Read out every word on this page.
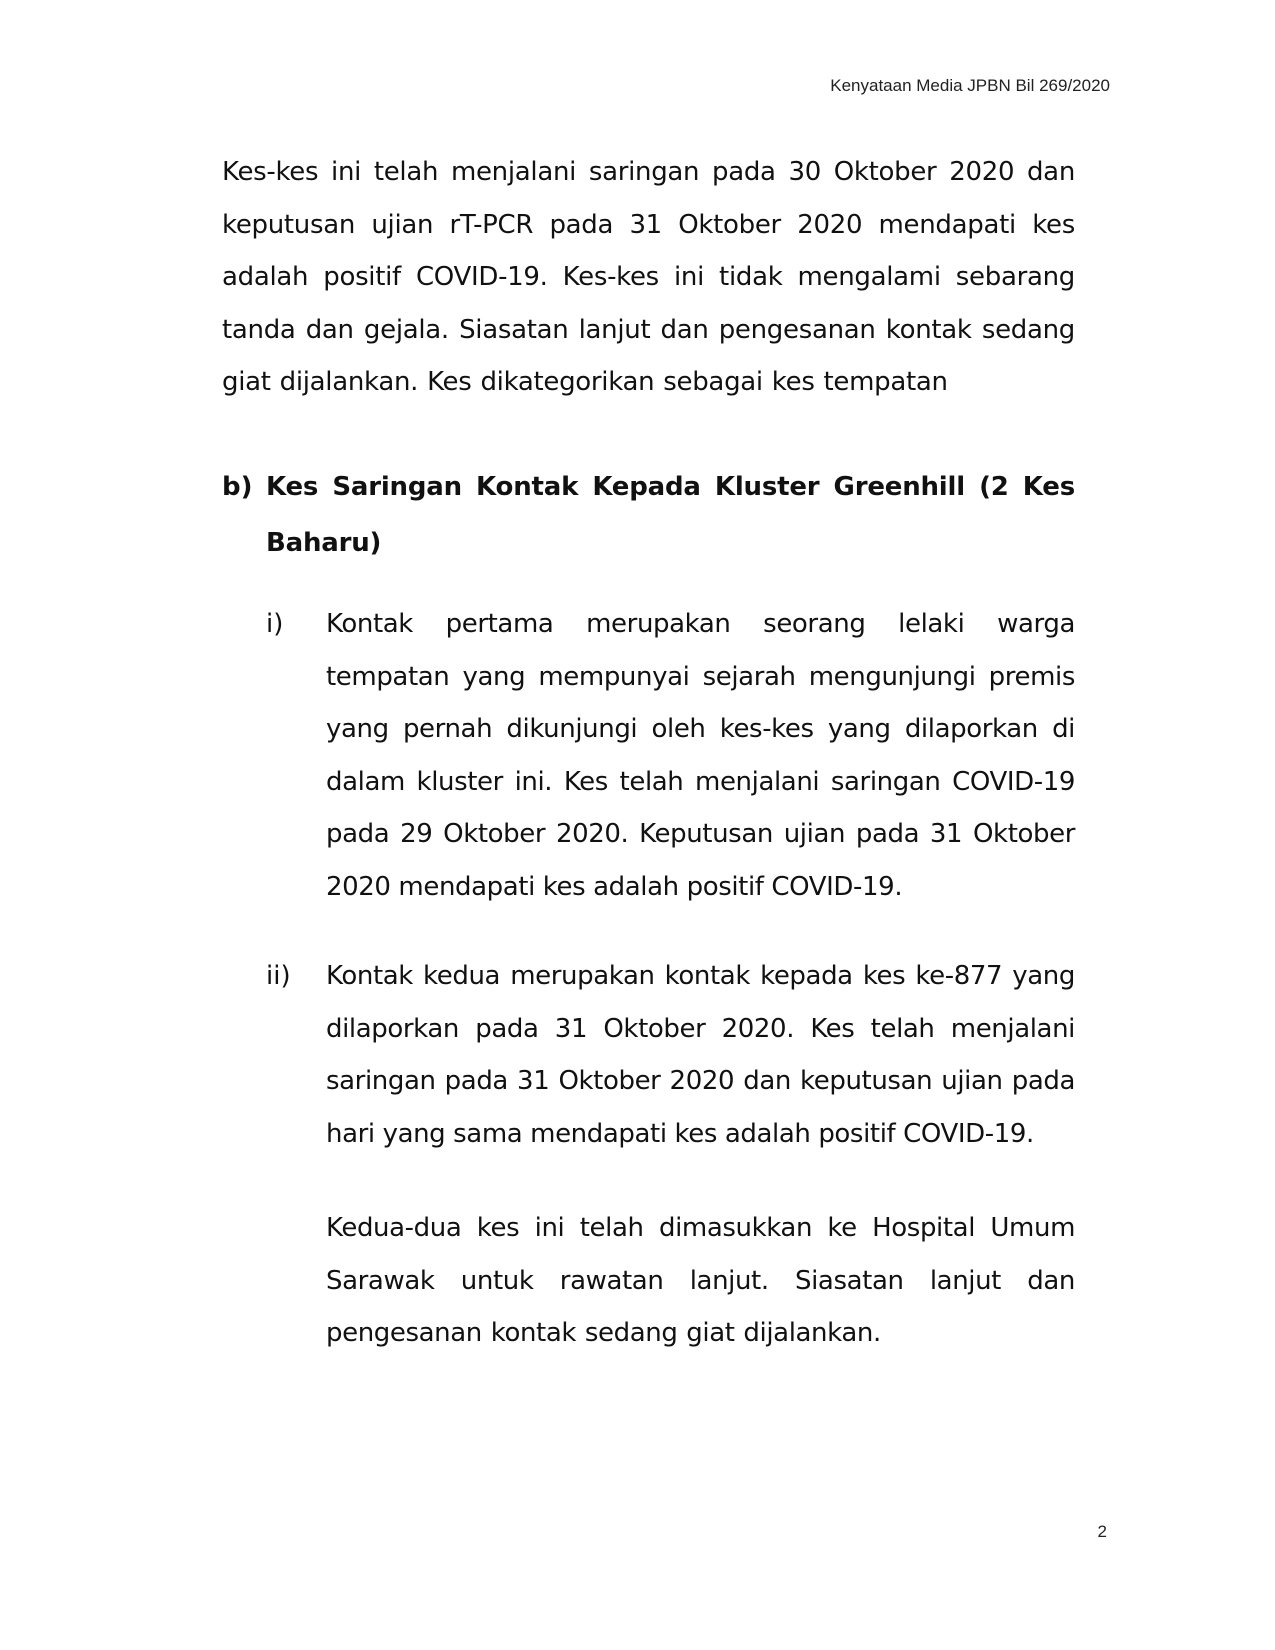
Kenyataan Media JPBN Bil 269/2020
Kes-kes ini telah menjalani saringan pada 30 Oktober 2020 dan keputusan ujian rT-PCR pada 31 Oktober 2020 mendapati kes adalah positif COVID-19. Kes-kes ini tidak mengalami sebarang tanda dan gejala. Siasatan lanjut dan pengesanan kontak sedang giat dijalankan. Kes dikategorikan sebagai kes tempatan
b) Kes Saringan Kontak Kepada Kluster Greenhill (2 Kes Baharu)
i) Kontak pertama merupakan seorang lelaki warga tempatan yang mempunyai sejarah mengunjungi premis yang pernah dikunjungi oleh kes-kes yang dilaporkan di dalam kluster ini. Kes telah menjalani saringan COVID-19 pada 29 Oktober 2020. Keputusan ujian pada 31 Oktober 2020 mendapati kes adalah positif COVID-19.
ii) Kontak kedua merupakan kontak kepada kes ke-877 yang dilaporkan pada 31 Oktober 2020. Kes telah menjalani saringan pada 31 Oktober 2020 dan keputusan ujian pada hari yang sama mendapati kes adalah positif COVID-19.
Kedua-dua kes ini telah dimasukkan ke Hospital Umum Sarawak untuk rawatan lanjut. Siasatan lanjut dan pengesanan kontak sedang giat dijalankan.
2
